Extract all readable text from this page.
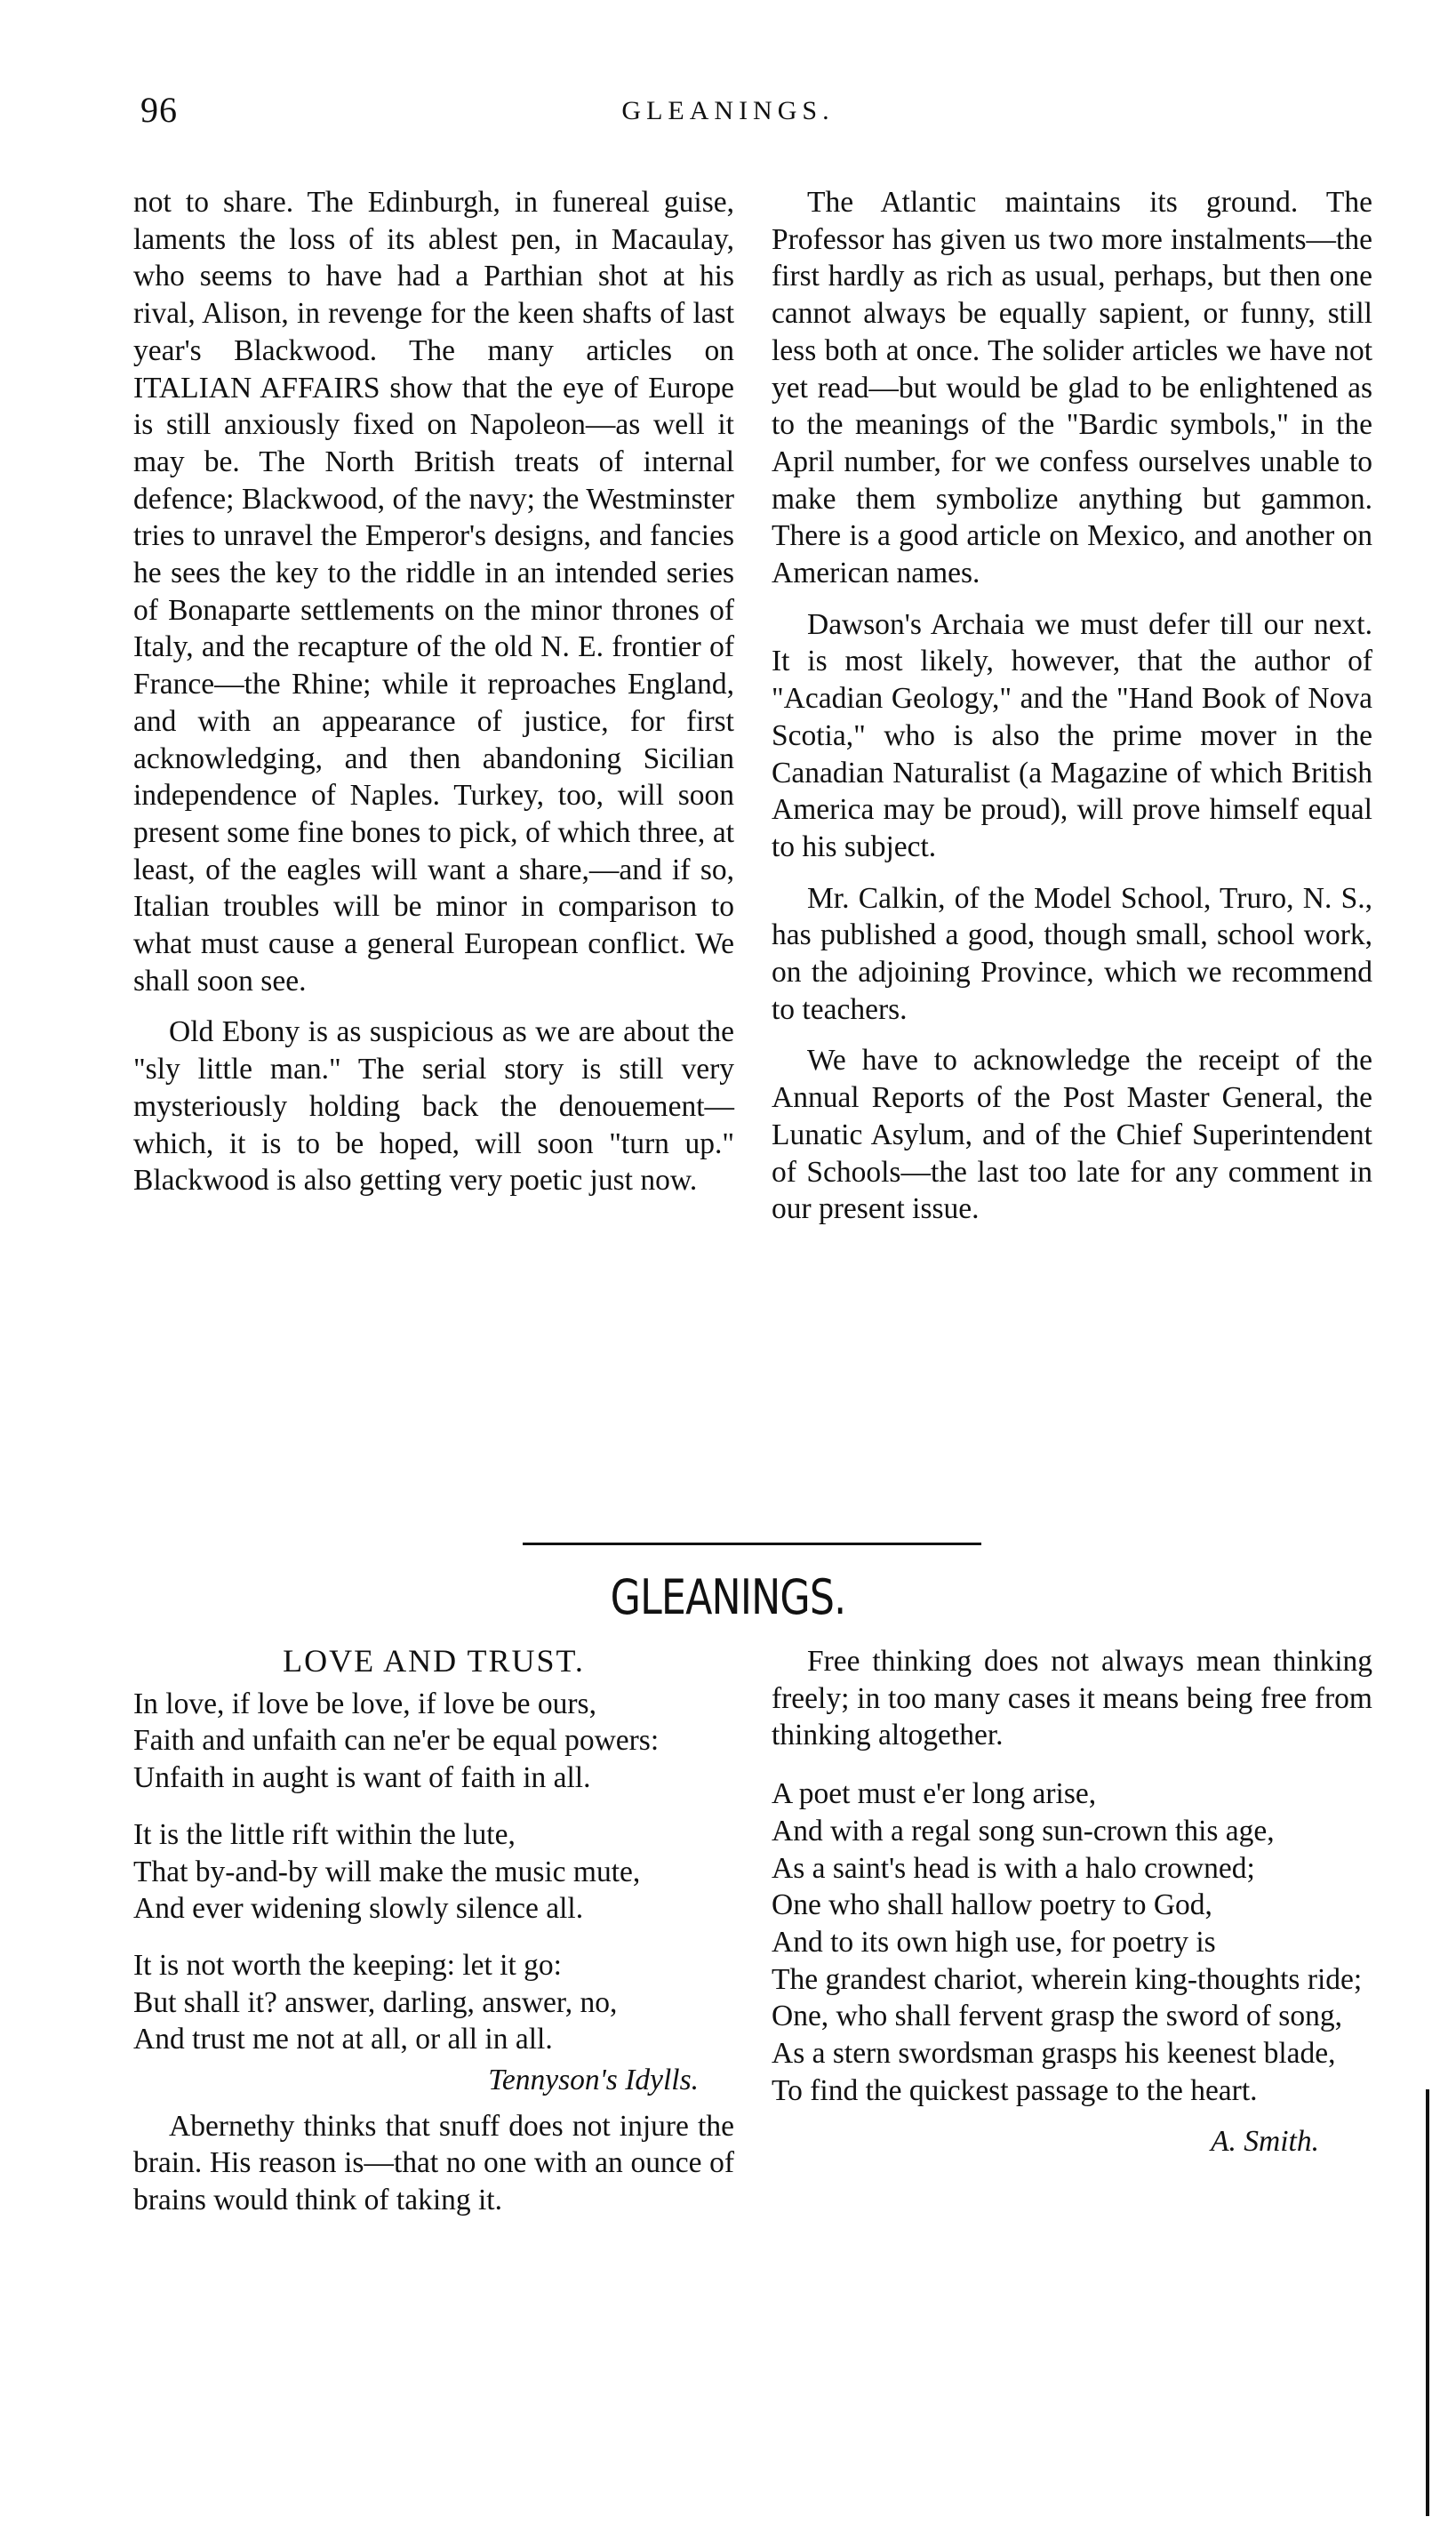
96	GLEANINGS.

not to share. The Edinburgh, in funereal guise, laments the loss of its ablest pen, in Macaulay, who seems to have had a Parthian shot at his rival, Alison, in revenge for the keen shafts of last year's Blackwood. The many articles on ITALIAN AFFAIRS show that the eye of Europe is still anxiously fixed on Napoleon—as well it may be. The North British treats of internal defence; Blackwood, of the navy; the Westminster tries to unravel the Emperor's designs, and fancies he sees the key to the riddle in an intended series of Bonaparte settlements on the minor thrones of Italy, and the recapture of the old N. E. frontier of France—the Rhine; while it reproaches England, and with an appearance of justice, for first acknowledging, and then abandoning Sicilian independence of Naples. Turkey, too, will soon present some fine bones to pick, of which three, at least, of the eagles will want a share,—and if so, Italian troubles will be minor in comparison to what must cause a general European conflict. We shall soon see.

Old Ebony is as suspicious as we are about the "sly little man." The serial story is still very mysteriously holding back the denouement—which, it is to be hoped, will soon "turn up." Blackwood is also getting very poetic just now.

The Atlantic maintains its ground. The Professor has given us two more instalments—the first hardly as rich as usual, perhaps, but then one cannot always be equally sapient, or funny, still less both at once. The solider articles we have not yet read—but would be glad to be enlightened as to the meanings of the "Bardic symbols," in the April number, for we confess ourselves unable to make them symbolize anything but gammon. There is a good article on Mexico, and another on American names.

Dawson's Archaia we must defer till our next. It is most likely, however, that the author of "Acadian Geology," and the "Hand Book of Nova Scotia," who is also the prime mover in the Canadian Naturalist (a Magazine of which British America may be proud), will prove himself equal to his subject.

Mr. Calkin, of the Model School, Truro, N. S., has published a good, though small, school work, on the adjoining Province, which we recommend to teachers.

We have to acknowledge the receipt of the Annual Reports of the Post Master General, the Lunatic Asylum, and of the Chief Superintendent of Schools—the last too late for any comment in our present issue.

GLEANINGS.
LOVE AND TRUST.
In love, if love be love, if love be ours,
Faith and unfaith can ne'er be equal powers:
Unfaith in aught is want of faith in all.
It is the little rift within the lute,
That by-and-by will make the music mute,
And ever widening slowly silence all.
It is not worth the keeping: let it go:
But shall it? answer, darling, answer, no,
And trust me not at all, or all in all.
Tennyson's Idylls.

Abernethy thinks that snuff does not injure the brain. His reason is—that no one with an ounce of brains would think of taking it.

Free thinking does not always mean thinking freely; in too many cases it means being free from thinking altogether.

A poet must e'er long arise,
And with a regal song sun-crown this age,
As a saint's head is with a halo crowned;
One who shall hallow poetry to God,
And to its own high use, for poetry is
The grandest chariot, wherein king-thoughts ride;
One, who shall fervent grasp the sword of song,
As a stern swordsman grasps his keenest blade,
To find the quickest passage to the heart.
A. Smith.
